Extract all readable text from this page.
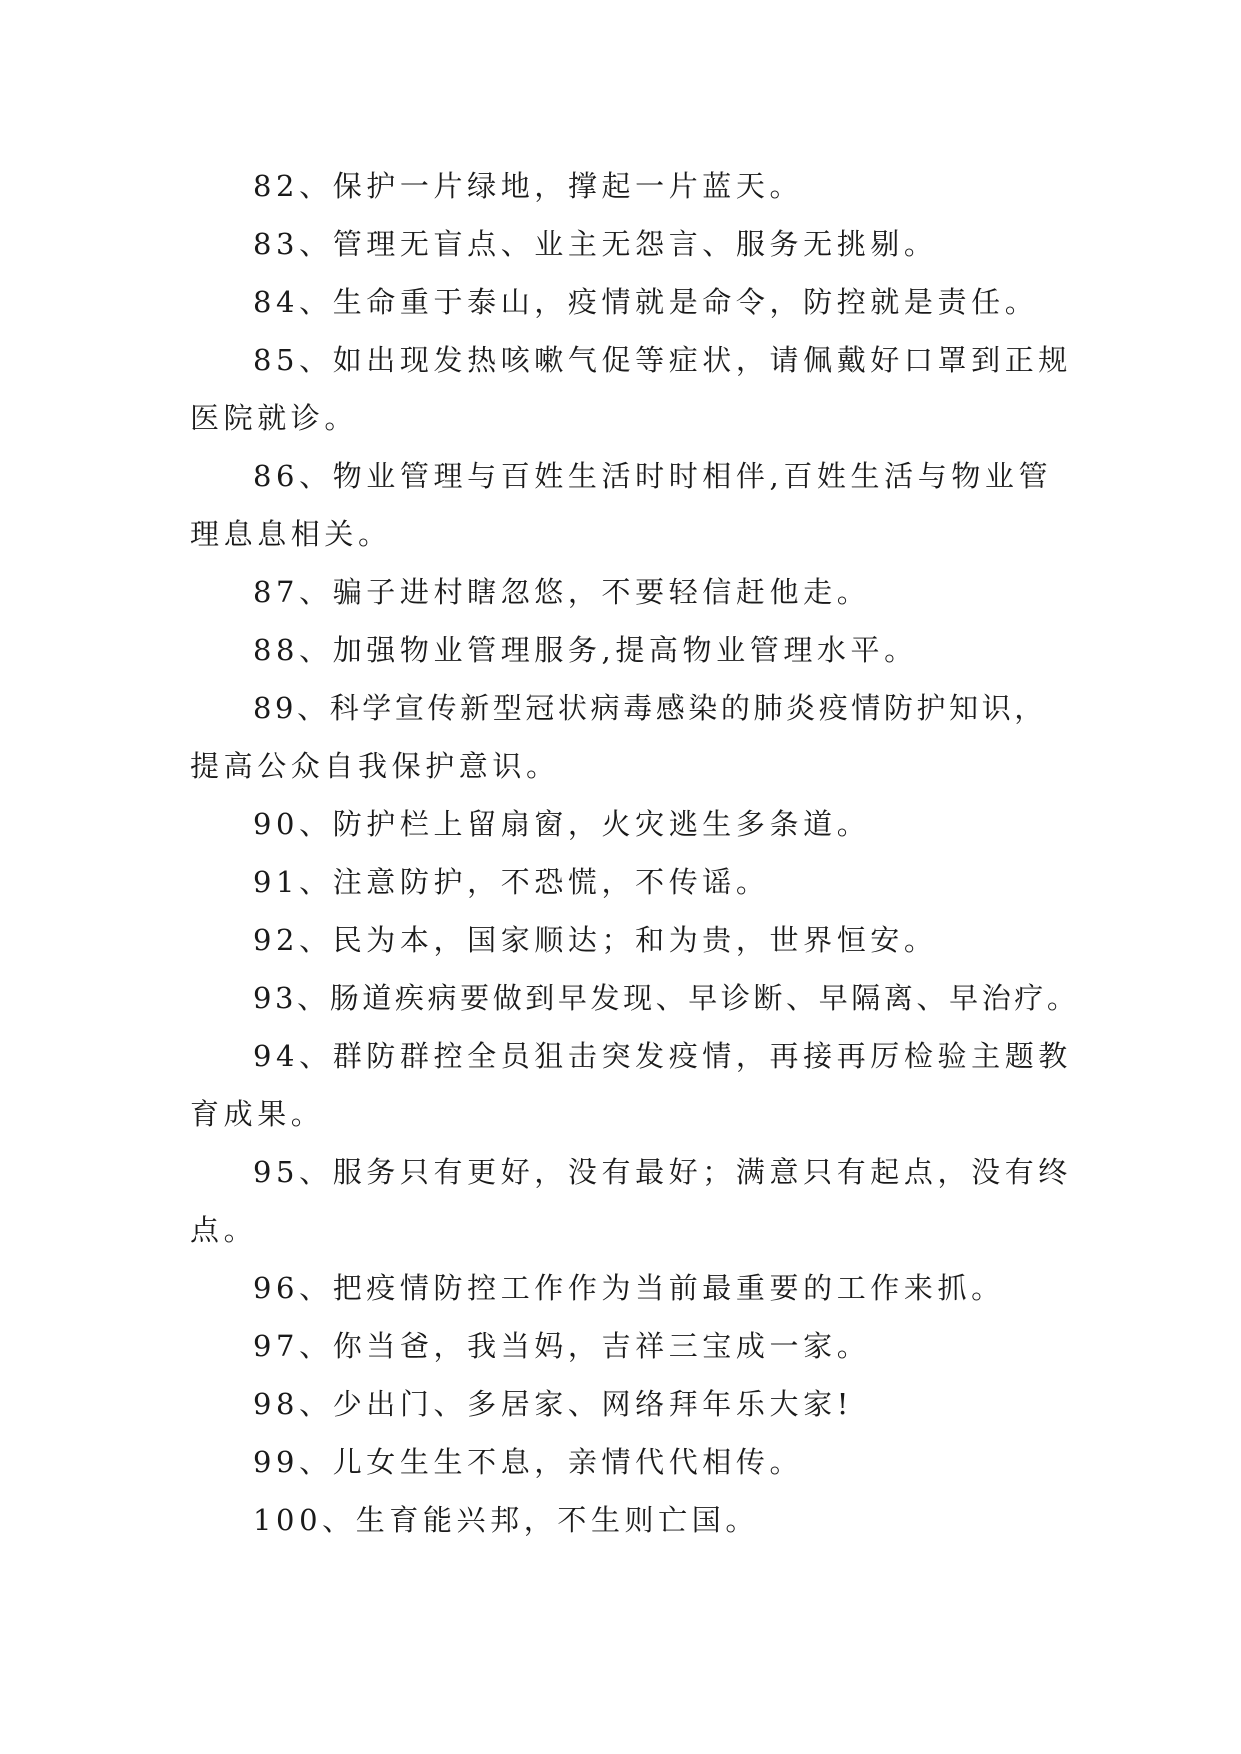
82、保护一片绿地，撑起一片蓝天。
83、管理无盲点、业主无怨言、服务无挑剔。
84、生命重于泰山，疫情就是命令，防控就是责任。
85、如出现发热咳嗽气促等症状，请佩戴好口罩到正规
医院就诊。
86、物业管理与百姓生活时时相伴,百姓生活与物业管
理息息相关。
87、骗子进村瞎忽悠，不要轻信赶他走。
88、加强物业管理服务,提高物业管理水平。
89、科学宣传新型冠状病毒感染的肺炎疫情防护知识，
提高公众自我保护意识。
90、防护栏上留扇窗，火灾逃生多条道。
91、注意防护，不恐慌，不传谣。
92、民为本，国家顺达；和为贵，世界恒安。
93、肠道疾病要做到早发现、早诊断、早隔离、早治疗。
94、群防群控全员狙击突发疫情，再接再厉检验主题教
育成果。
95、服务只有更好，没有最好；满意只有起点，没有终
点。
96、把疫情防控工作作为当前最重要的工作来抓。
97、你当爸，我当妈，吉祥三宝成一家。
98、少出门、多居家、网络拜年乐大家!
99、儿女生生不息，亲情代代相传。
100、生育能兴邦，不生则亡国。
